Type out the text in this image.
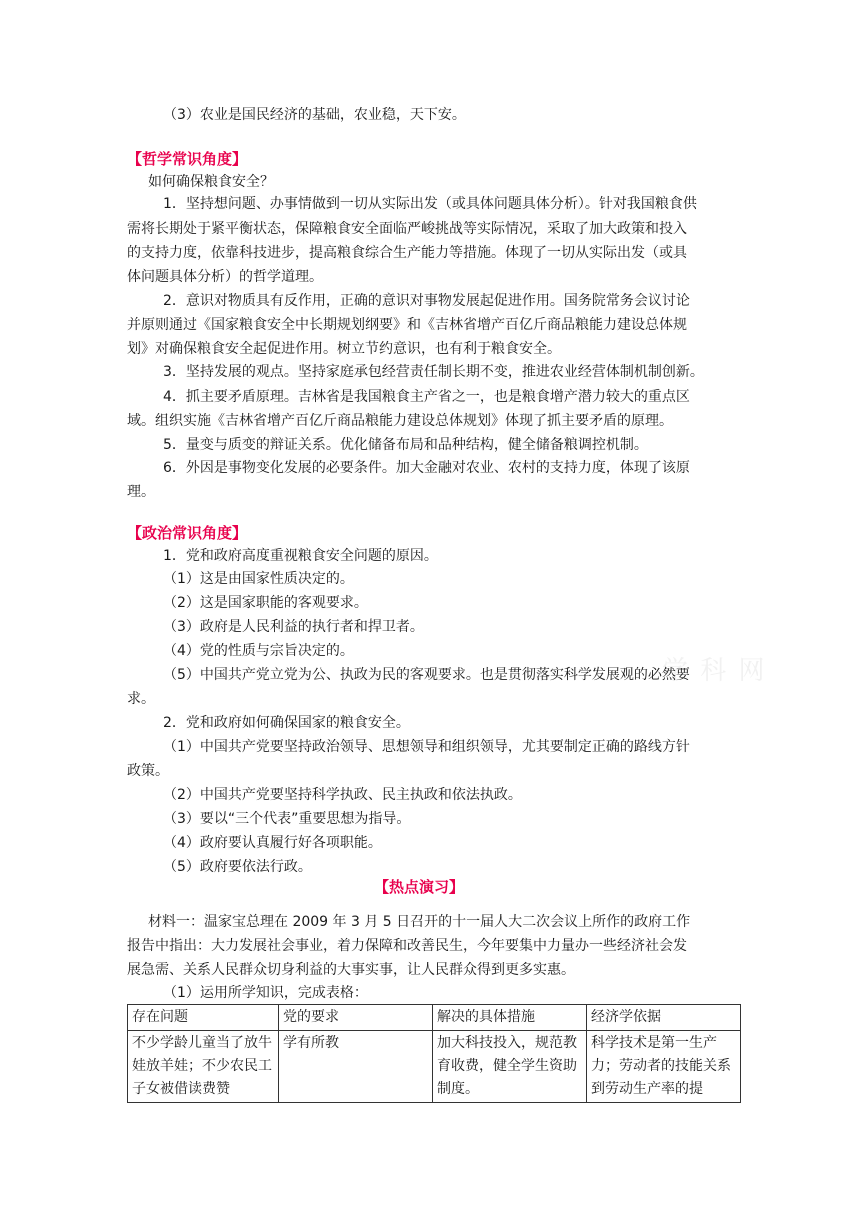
学 科 网
（3）农业是国民经济的基础，农业稳，天下安。
【哲学常识角度】
如何确保粮食安全？
1．坚持想问题、办事情做到一切从实际出发（或具体问题具体分析）。针对我国粮食供
需将长期处于紧平衡状态，保障粮食安全面临严峻挑战等实际情况，采取了加大政策和投入
的支持力度，依靠科技进步，提高粮食综合生产能力等措施。体现了一切从实际出发（或具
体问题具体分析）的哲学道理。
2．意识对物质具有反作用，正确的意识对事物发展起促进作用。国务院常务会议讨论
并原则通过《国家粮食安全中长期规划纲要》和《吉林省增产百亿斤商品粮能力建设总体规
划》对确保粮食安全起促进作用。树立节约意识，也有利于粮食安全。
3．坚持发展的观点。坚持家庭承包经营责任制长期不变，推进农业经营体制机制创新。
4．抓主要矛盾原理。吉林省是我国粮食主产省之一，也是粮食增产潜力较大的重点区
域。组织实施《吉林省增产百亿斤商品粮能力建设总体规划》体现了抓主要矛盾的原理。
5．量变与质变的辩证关系。优化储备布局和品种结构，健全储备粮调控机制。
6．外因是事物变化发展的必要条件。加大金融对农业、农村的支持力度，体现了该原
理。
【政治常识角度】
1．党和政府高度重视粮食安全问题的原因。
（1）这是由国家性质决定的。
（2）这是国家职能的客观要求。
（3）政府是人民利益的执行者和捍卫者。
（4）党的性质与宗旨决定的。
（5）中国共产党立党为公、执政为民的客观要求。也是贯彻落实科学发展观的必然要
求。
2．党和政府如何确保国家的粮食安全。
（1）中国共产党要坚持政治领导、思想领导和组织领导，尤其要制定正确的路线方针
政策。
（2）中国共产党要坚持科学执政、民主执政和依法执政。
（3）要以“三个代表”重要思想为指导。
（4）政府要认真履行好各项职能。
（5）政府要依法行政。
【热点演习】
材料一：温家宝总理在 2009 年 3 月 5 日召开的十一届人大二次会议上所作的政府工作
报告中指出：大力发展社会事业，着力保障和改善民生，今年要集中力量办一些经济社会发
展急需、关系人民群众切身利益的大事实事，让人民群众得到更多实惠。
（1）运用所学知识，完成表格：
存在问题	党的要求	解决的具体措施	经济学依据
不少学龄儿童当了放牛娃放羊娃；不少农民工子女被借读费赞	学有所教	加大科技投入，规范教育收费，健全学生资助制度。	科学技术是第一生产力；劳动者的技能关系到劳动生产率的提
